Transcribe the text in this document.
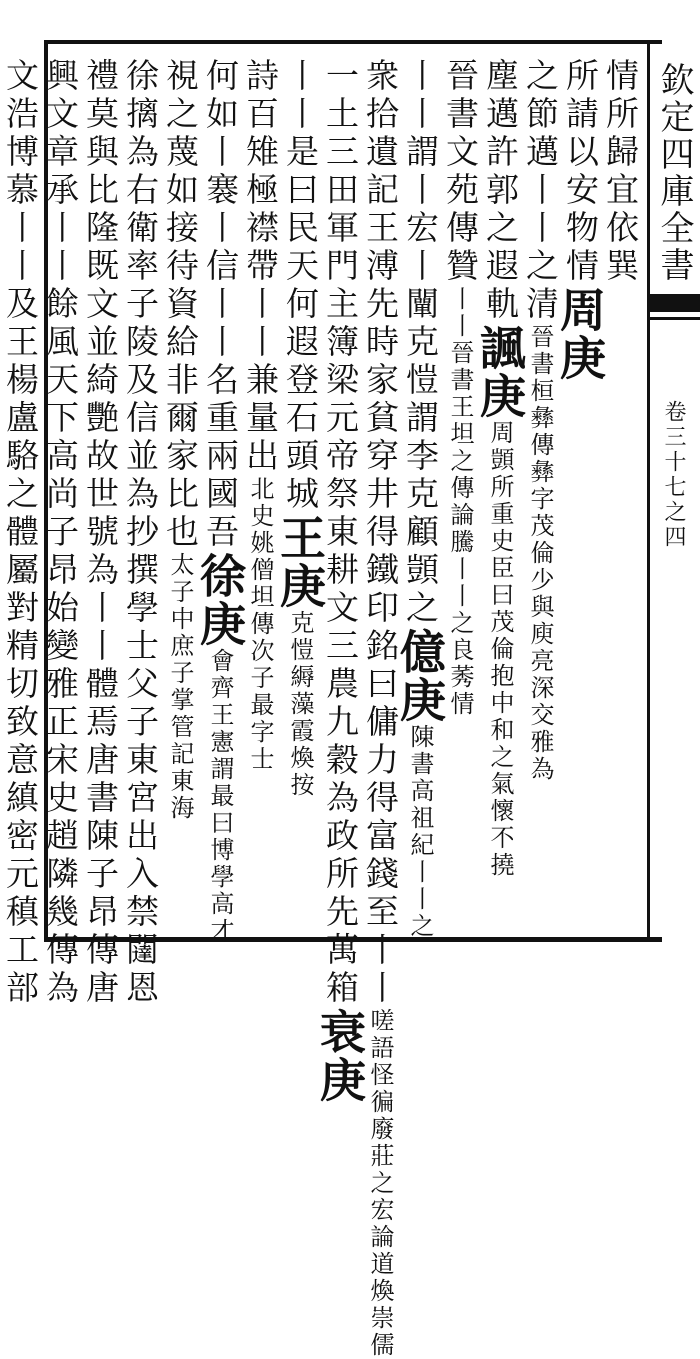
欽定四庫全書
卷三十七之四
情所歸宜依巽
所請以安物情周庚
之節邁丨丨之清晉書桓彝傳彝字茂倫少與庾亮深交雅為
塵邁許郭之遐軌諷庚周顗所重史臣曰茂倫抱中和之氣懷不撓
晉書文苑傳贊丨丨晉書王坦之傳論騰丨丨之良莠情
丨丨謂丨宏丨闡克愷謂李克顧顗之億庚陳書高祖紀丨丨之
衆拾遺記王溥先時家貧穿井得鐵印銘曰傭力得富錢至丨丨嗟語怪徧廢莊之宏論道煥崇儒
一土三田軍門主簿梁元帝祭東耕文三農九穀為政所先萬箱衰庚
丨丨是曰民天何遐登石頭城王庚克愷縟藻霞煥按
詩百雉極襟帶丨丨兼量出北史姚僧坦傳次子最字士
何如丨褰丨信丨丨名重兩國吾徐庚會齊王憲謂最曰博學高才
視之蔑如接待資給非爾家比也太子中庶子掌管記東海
徐摛為右衛率子陵及信並為抄撰學士父子東宮出入禁闥恩
禮莫與比隆既文並綺艷故世號為丨丨體焉唐書陳子昂傳唐
興文章承丨丨餘風天下高尚子昂始變雅正宋史趙隣幾傳為
文浩博慕丨丨及王楊盧駱之體屬對精切致意縝密元稹工部
